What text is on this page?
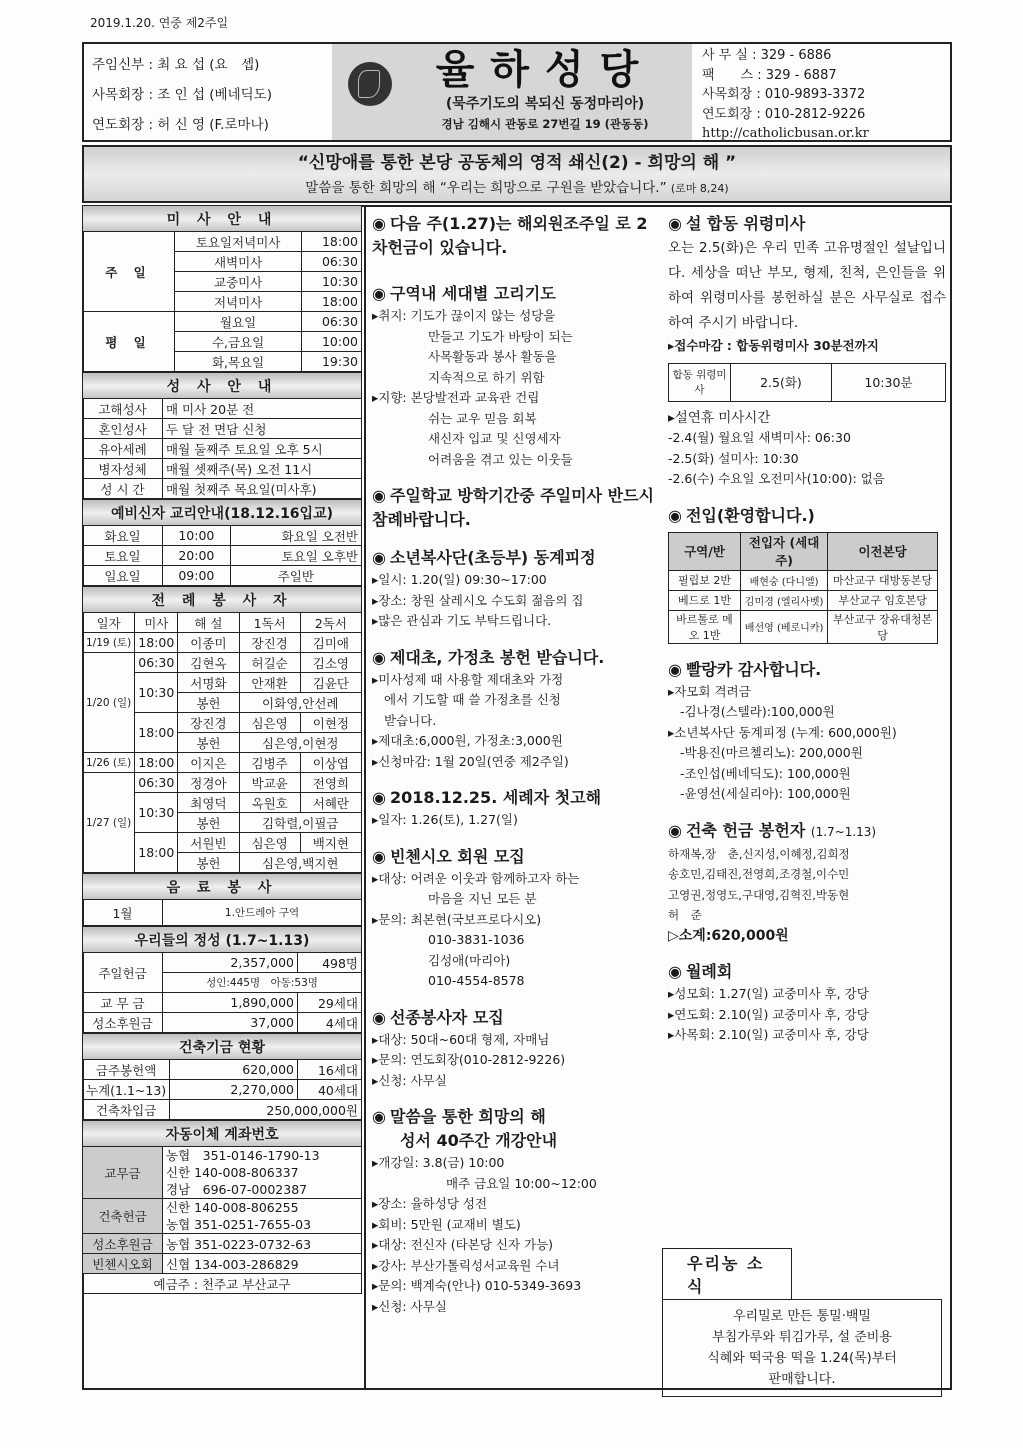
2019.1.20. 연중 제2주일
주임신부 : 최 요 섭 (요　셉)
사목회장 : 조 인 섭 (베네딕도)
연도회장 : 허 신 영 (F.로마나)
율하성당
(묵주기도의 복되신 동정마리아)
경남 김해시 관동로 27번길 19 (관동동)
사 무 실 : 329 - 6886
팩　　스 : 329 - 6887
사목회장 : 010-9893-3372
연도회장 : 010-2812-9226
http://catholicbusan.or.kr
“신망애를 통한 본당 공동체의 영적 쇄신(2) - 희망의 해 ”
말씀을 통한 희망의 해 “우리는 희망으로 구원을 받았습니다.” (로마 8,24)
미 사 안 내		
주 일	토요일저녁미사	18:00
	새벽미사	06:30
	교중미사	10:30
	저녁미사	18:00
평 일	월요일	06:30
	수,금요일	10:00
	화,목요일	19:30
성 사 안 내	
고해성사	매 미사 20분 전
혼인성사	두 달 전 면담 신청
유아세례	매월 둘째주 토요일 오후 5시
병자성체	매월 셋째주(목) 오전 11시
성 시 간	매월 첫째주 목요일(미사후)
예비신자 교리안내(18.12.16입교)		
화요일	10:00	화요일 오전반
토요일	20:00	토요일 오후반
일요일	09:00	주일반
전 례 봉 사 자				
일자	미사	해 설	1독서	2독서
1/19 (토)	18:00	이종미	장진경	김미애
1/20 (일)	06:30	김현옥	허길순	김소영
	10:30	서명화	안재환	김윤단
		봉헌	이화영,안선례	
	18:00	장진경	심은영	이현정
		봉헌	심은영,이현정	
1/26 (토)	18:00	이지은	김병주	이상엽
1/27 (일)	06:30	정경아	박교윤	전영희
	10:30	최영덕	옥원호	서혜란
		봉헌	김학렬,이필금	
	18:00	서원빈	심은영	백지현
		봉헌	심은영,백지현	
음 료 봉 사
1월	1.안드레아 구역
우리들의 정성 (1.7~1.13)		
주일헌금	2,357,000	498명
	성인:445명　아동:53명	
교 무 금	1,890,000	29세대
성소후원금	37,000	4세대
건축기금 현황		
금주봉헌액	620,000	16세대
누계(1.1~13)	2,270,000	40세대
건축차입금	250,000,000원	
자동이체 계좌번호	
교무금	농협　351-0146-1790-13
신한 140-008-806337
경남　696-07-0002387

건축헌금	신한 140-008-806255
농협 351-0251-7655-03

성소후원금	농협 351-0223-0732-63
빈첸시오회	신협 134-003-286829
예금주 : 천주교 부산교구	
◉ 다음 주(1.27)는 해외원조주일 로 2차헌금이 있습니다.
◉ 구역내 세대별 고리기도
▸취지: 기도가 끊이지 않는 성당을
만들고 기도가 바탕이 되는
사목활동과 봉사 활동을
지속적으로 하기 위함
▸지향: 본당발전과 교육관 건립
쉬는 교우 믿음 회복
새신자 입교 및 신영세자
어려움을 겪고 있는 이웃들
◉ 주일학교 방학기간중 주일미사 반드시 참례바랍니다.
◉ 소년복사단(초등부) 동계피정
▸일시: 1.20(일) 09:30~17:00
▸장소: 창원 살레시오 수도회 젊음의 집
▸많은 관심과 기도 부탁드립니다.
◉ 제대초, 가정초 봉헌 받습니다.
▸미사성제 때 사용할 제대초와 가정
에서 기도할 때 쓸 가정초를 신청
받습니다.
▸제대초:6,000원, 가정초:3,000원
▸신청마감: 1월 20일(연중 제2주일)
◉ 2018.12.25. 세례자 첫고해
▸일자: 1.26(토), 1.27(일)
◉ 빈첸시오 회원 모집
▸대상: 어려운 이웃과 함께하고자 하는
마음을 지닌 모든 분
▸문의: 최본현(국보프로다시오)
010-3831-1036
김성애(마리아)
010-4554-8578
◉ 선종봉사자 모집
▸대상: 50대~60대 형제, 자매님
▸문의: 연도회장(010-2812-9226)
▸신청: 사무실
◉ 말씀을 통한 희망의 해
성서 40주간 개강안내
▸개강일: 3.8(금) 10:00
매주 금요일 10:00~12:00
▸장소: 율하성당 성전
▸회비: 5만원 (교재비 별도)
▸대상: 전신자 (타본당 신자 가능)
▸강사: 부산가톨릭성서교육원 수녀
▸문의: 백계숙(안나) 010-5349-3693
▸신청: 사무실
◉ 설 합동 위령미사
오는 2.5(화)은 우리 민족 고유명절인 설날입니다. 세상을 떠난 부모, 형제, 친척, 은인들을 위하여 위령미사를 봉헌하실 분은 사무실로 접수하여 주시기 바랍니다.
▸접수마감 : 합동위령미사 30분전까지
합동 위령미사	2.5(화)	10:30분
▸설연휴 미사시간
-2.4(월) 월요일 새벽미사: 06:30
-2.5(화) 설미사: 10:30
-2.6(수) 수요일 오전미사(10:00): 없음
◉ 전입(환영합니다.)
구역/반	전입자 (세대주)	이전본당
필립보 2반	배현숭 (다니엘)	마산교구 대방동본당
베드로 1반	김미경 (엘리사벳)	부산교구 임호본당
바르톨로 메오 1반	배선영 (베로니카)	부산교구 장유대청본당
◉ 빨랑카 감사합니다.
▸자모회 격려금
-김나경(스텔라):100,000원
▸소년복사단 동계피정 (누계: 600,000원)
-박용진(마르첼리노): 200,000원
-조인섭(베네딕도): 100,000원
-윤영선(세실리아): 100,000원
◉ 건축 헌금 봉헌자 (1.7~1.13)
하재복,장　춘,신지성,이혜정,김희정
송호민,김태진,전영희,조경철,이수민
고영권,정영도,구대영,김혁진,박동현
허　준
▷소계:620,000원
◉ 월례회
▸성모회: 1.27(일) 교중미사 후, 강당
▸연도회: 2.10(일) 교중미사 후, 강당
▸사목회: 2.10(일) 교중미사 후, 강당
우리농 소식
우리밀로 만든 통밀·백밀
부침가루와 튀김가루, 설 준비용
식혜와 떡국용 떡을 1.24(목)부터
판매합니다.
